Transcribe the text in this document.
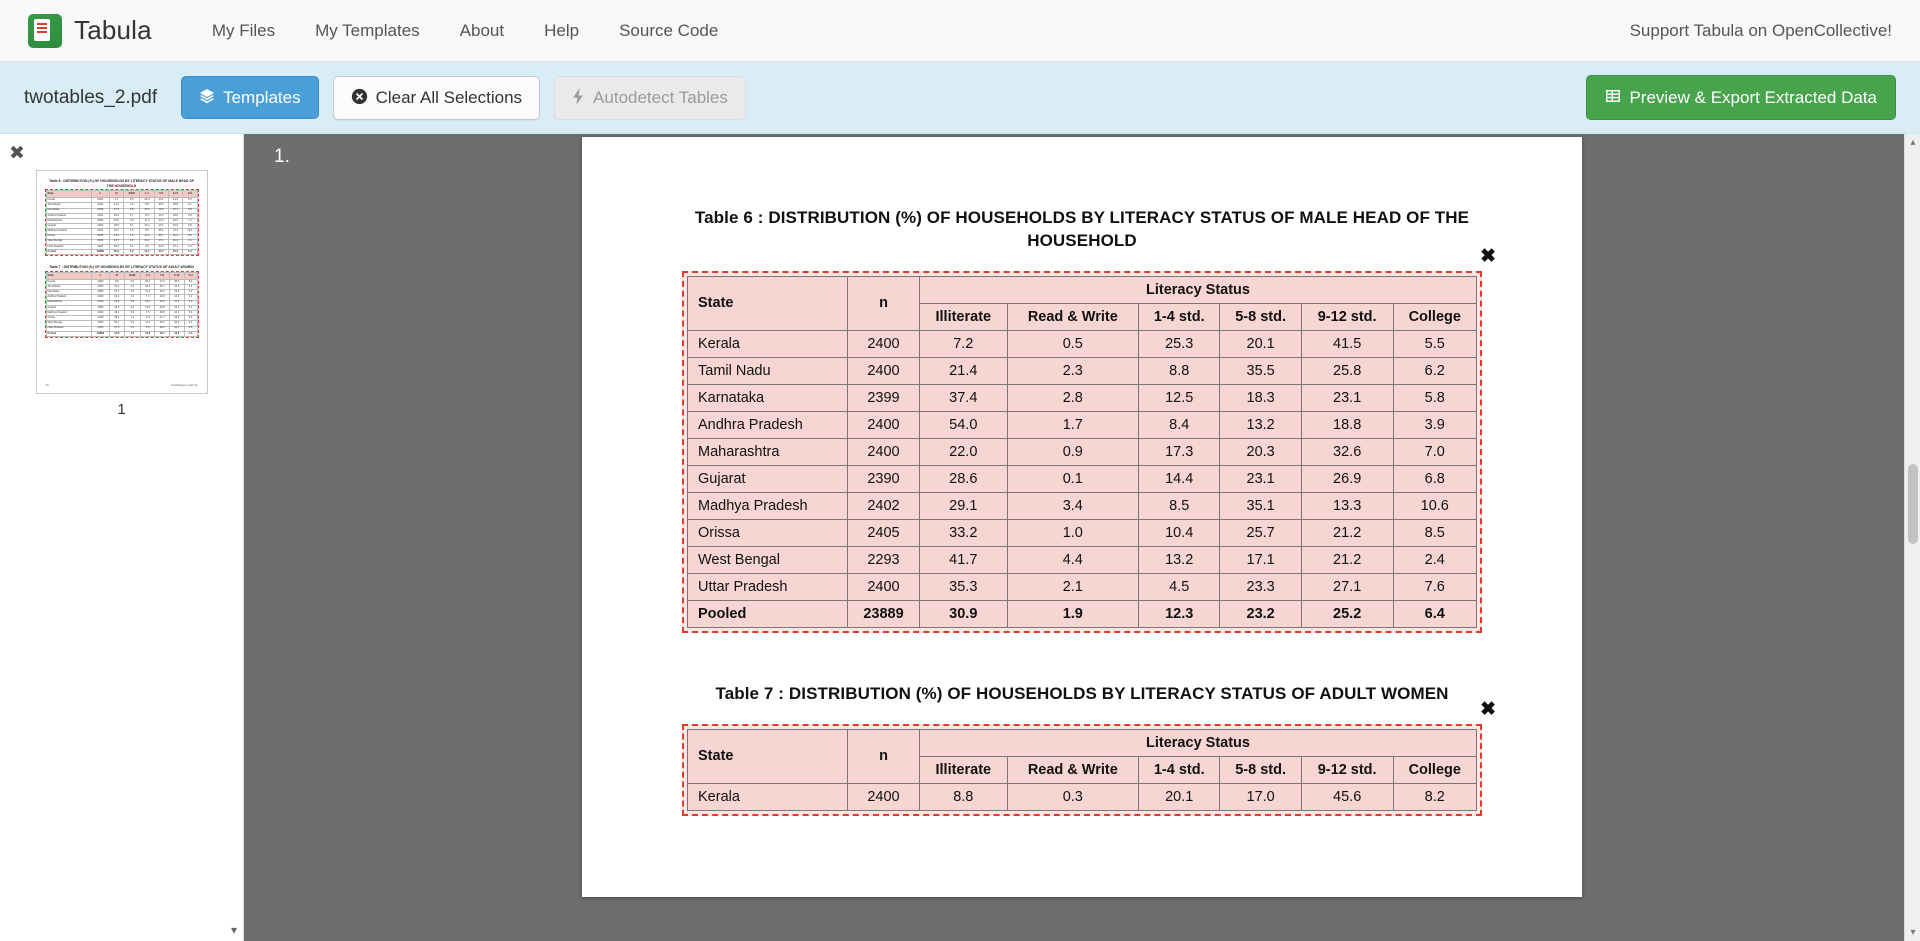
Tabula	My Files	My Templates	About	Help	Source Code	Support Tabula on OpenCollective!
twotables_2.pdf	Templates	Clear All Selections	Autodetect Tables	Preview & Export Extracted Data
✖
Table 6 : DISTRIBUTION (%) OF HOUSEHOLDS BY LITERACY STATUS OF MALE HEAD OF THE HOUSEHOLD
State	n	Ill	R&W	1-4	5-8	9-12	Col
Kerala	2400	7.2	0.5	25.3	20.1	41.5	5.5
Tamil Nadu	2400	21.4	2.3	8.8	35.5	25.8	6.2
Karnataka	2399	37.4	2.8	12.5	18.3	23.1	5.8
Andhra Pradesh	2400	54.0	1.7	8.4	13.2	18.8	3.9
Maharashtra	2400	22.0	0.9	17.3	20.3	32.6	7.0
Gujarat	2390	28.6	0.1	14.4	23.1	26.9	6.8
Madhya Pradesh	2402	29.1	3.4	8.5	35.1	13.3	10.6
Orissa	2405	33.2	1.0	10.4	25.7	21.2	8.5
West Bengal	2293	41.7	4.4	13.2	17.1	21.2	2.4
Uttar Pradesh	2400	35.3	2.1	4.5	23.3	27.1	7.6
Pooled	23889	30.9	1.9	12.3	23.2	25.2	6.4
Table 7 : DISTRIBUTION (%) OF HOUSEHOLDS BY LITERACY STATUS OF ADULT WOMEN
State	n	Ill	R&W	1-4	5-8	9-12	Col
Kerala	2400	8.8	0.3	20.1	17.0	45.6	8.2
Tamil Nadu	2400	32.1	1.9	10.2	30.1	21.3	4.4
Karnataka	2399	47.1	2.0	11.4	16.1	19.3	4.1
Andhra Pradesh	2400	64.2	1.2	7.3	10.9	14.2	2.2
Maharashtra	2400	33.0	0.8	15.1	18.3	27.6	5.2
Gujarat	2390	40.6	0.2	13.2	20.8	21.1	4.1
Madhya Pradesh	2402	46.1	2.9	7.5	28.0	10.1	5.4
Orissa	2405	48.2	1.1	9.4	21.7	15.2	4.4
West Bengal	2293	52.7	3.4	11.2	15.1	16.2	1.4
Uttar Pradesh	2400	57.3	1.1	3.5	18.3	16.1	3.6
Pooled	23889	44.9	1.5	10.9	19.7	19.8	4.3
10	Final Report, April 14
1
▾
1.
Table 6 : DISTRIBUTION (%) OF HOUSEHOLDS BY LITERACY STATUS OF MALE HEAD OF THE HOUSEHOLD
✖
State	n	Literacy Status					
		Illiterate	Read & Write	1-4 std.	5-8 std.	9-12 std.	College
Kerala	2400	7.2	0.5	25.3	20.1	41.5	5.5
Tamil Nadu	2400	21.4	2.3	8.8	35.5	25.8	6.2
Karnataka	2399	37.4	2.8	12.5	18.3	23.1	5.8
Andhra Pradesh	2400	54.0	1.7	8.4	13.2	18.8	3.9
Maharashtra	2400	22.0	0.9	17.3	20.3	32.6	7.0
Gujarat	2390	28.6	0.1	14.4	23.1	26.9	6.8
Madhya Pradesh	2402	29.1	3.4	8.5	35.1	13.3	10.6
Orissa	2405	33.2	1.0	10.4	25.7	21.2	8.5
West Bengal	2293	41.7	4.4	13.2	17.1	21.2	2.4
Uttar Pradesh	2400	35.3	2.1	4.5	23.3	27.1	7.6
Pooled	23889	30.9	1.9	12.3	23.2	25.2	6.4
Table 7 : DISTRIBUTION (%) OF HOUSEHOLDS BY LITERACY STATUS OF ADULT WOMEN
✖
State	n	Literacy Status					
		Illiterate	Read & Write	1-4 std.	5-8 std.	9-12 std.	College
Kerala	2400	8.8	0.3	20.1	17.0	45.6	8.2
▴
▾
